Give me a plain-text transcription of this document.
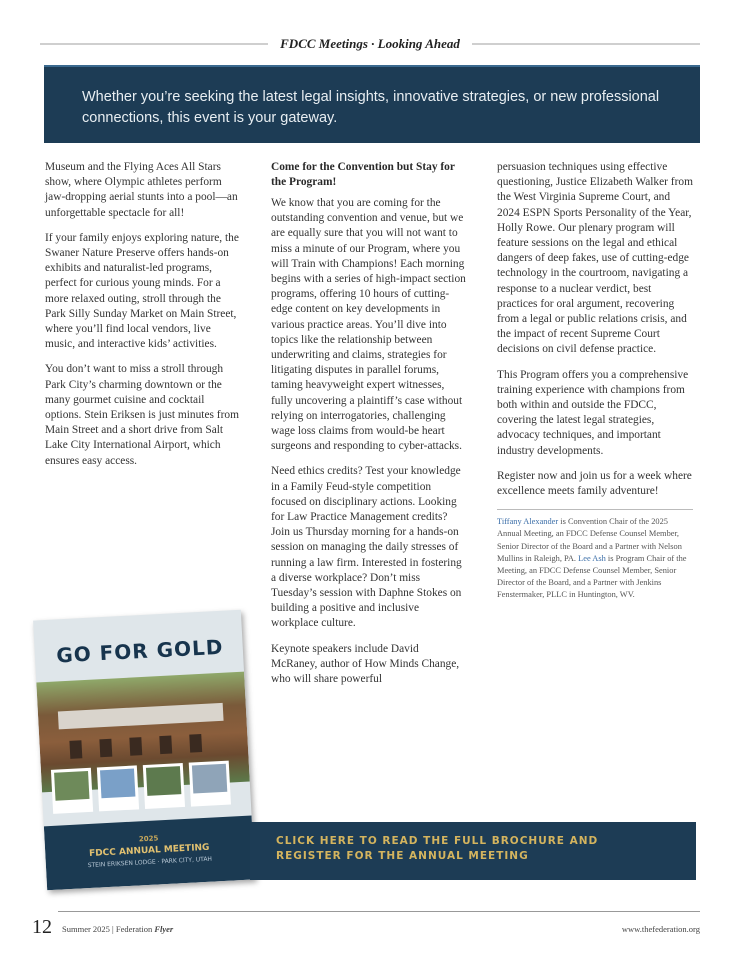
FDCC Meetings · Looking Ahead

Whether you’re seeking the latest legal insights, innovative strategies, or new professional connections, this event is your gateway.

Museum and the Flying Aces All Stars show, where Olympic athletes perform jaw-dropping aerial stunts into a pool—an unforgettable spectacle for all!

If your family enjoys exploring nature, the Swaner Nature Preserve offers hands-on exhibits and naturalist-led programs, perfect for curious young minds. For a more relaxed outing, stroll through the Park Silly Sunday Market on Main Street, where you’ll find local vendors, live music, and interactive kids’ activities.

You don’t want to miss a stroll through Park City’s charming downtown or the many gourmet cuisine and cocktail options. Stein Eriksen is just minutes from Main Street and a short drive from Salt Lake City International Airport, which ensures easy access.

Come for the Convention but Stay for the Program!

We know that you are coming for the outstanding convention and venue, but we are equally sure that you will not want to miss a minute of our Program, where you will Train with Champions! Each morning begins with a series of high-impact section programs, offering 10 hours of cutting-edge content on key developments in various practice areas. You’ll dive into topics like the relationship between underwriting and claims, strategies for litigating disputes in parallel forums, taming heavyweight expert witnesses, fully uncovering a plaintiff’s case without relying on interrogatories, challenging wage loss claims from would-be heart surgeons and responding to cyber-attacks.

Need ethics credits? Test your knowledge in a Family Feud-style competition focused on disciplinary actions. Looking for Law Practice Management credits? Join us Thursday morning for a hands-on session on managing the daily stresses of running a law firm. Interested in fostering a diverse workplace? Don’t miss Tuesday’s session with Daphne Stokes on building a positive and inclusive workplace culture.

Keynote speakers include David McRaney, author of How Minds Change, who will share powerful

persuasion techniques using effective questioning, Justice Elizabeth Walker from the West Virginia Supreme Court, and 2024 ESPN Sports Personality of the Year, Holly Rowe. Our plenary program will feature sessions on the legal and ethical dangers of deep fakes, use of cutting-edge technology in the courtroom, navigating a response to a nuclear verdict, best practices for oral argument, recovering from a legal or public relations crisis, and the impact of recent Supreme Court decisions on civil defense practice.

This Program offers you a comprehensive training experience with champions from both within and outside the FDCC, covering the latest legal strategies, advocacy techniques, and important industry developments.

Register now and join us for a week where excellence meets family adventure!

Tiffany Alexander is Convention Chair of the 2025 Annual Meeting, an FDCC Defense Counsel Member, Senior Director of the Board and a Partner with Nelson Mullins in Raleigh, PA. Lee Ash is Program Chair of the Meeting, an FDCC Defense Counsel Member, Senior Director of the Board, and a Partner with Jenkins Fenstermaker, PLLC in Huntington, WV.
GO FOR GOLD
2025
FDCC ANNUAL MEETING
STEIN ERIKSEN LODGE · PARK CITY, UTAH
CLICK HERE TO READ THE FULL BROCHURE AND
REGISTER FOR THE ANNUAL MEETING
12 Summer 2025 | Federation Flyer	www.thefederation.org
